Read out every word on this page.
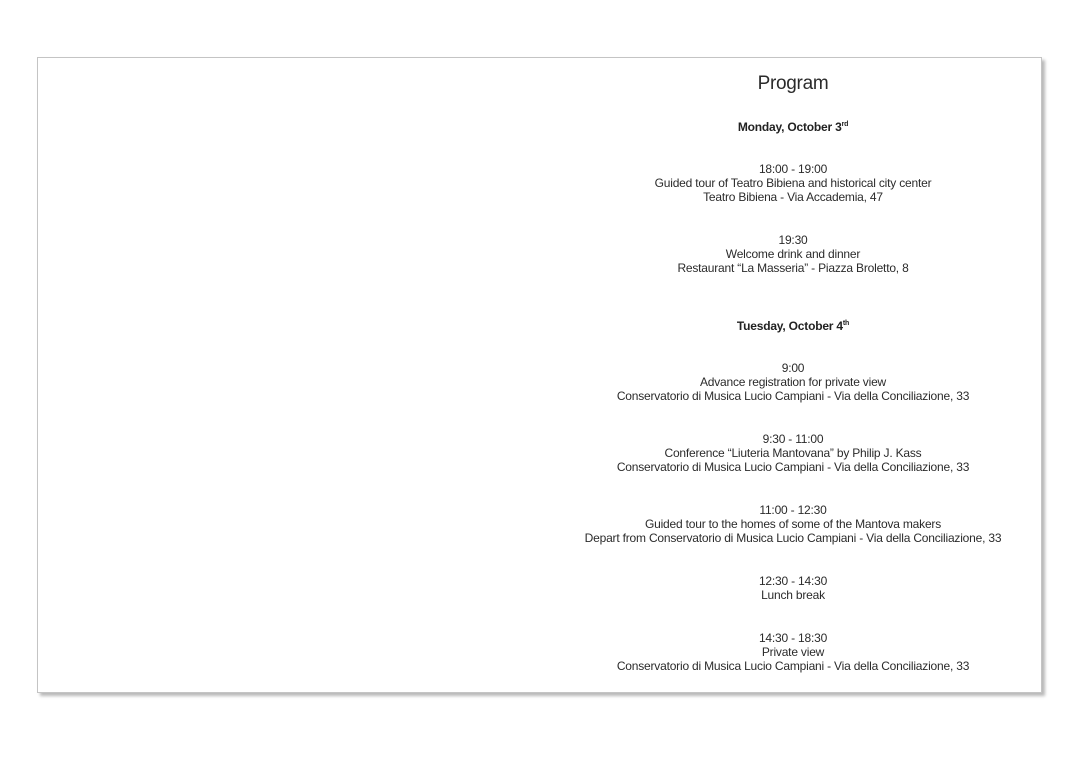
Program
Monday, October 3rd
18:00 - 19:00
Guided tour of Teatro Bibiena and historical city center
Teatro Bibiena - Via Accademia, 47
19:30
Welcome drink and dinner
Restaurant “La Masseria” - Piazza Broletto, 8
Tuesday, October 4th
9:00
Advance registration for private view
Conservatorio di Musica Lucio Campiani - Via della Conciliazione, 33
9:30 - 11:00
Conference “Liuteria Mantovana” by Philip J. Kass
Conservatorio di Musica Lucio Campiani - Via della Conciliazione, 33
11:00 - 12:30
Guided tour to the homes of some of the Mantova makers
Depart from Conservatorio di Musica Lucio Campiani - Via della Conciliazione, 33
12:30 - 14:30
Lunch break
14:30 - 18:30
Private view
Conservatorio di Musica Lucio Campiani - Via della Conciliazione, 33
